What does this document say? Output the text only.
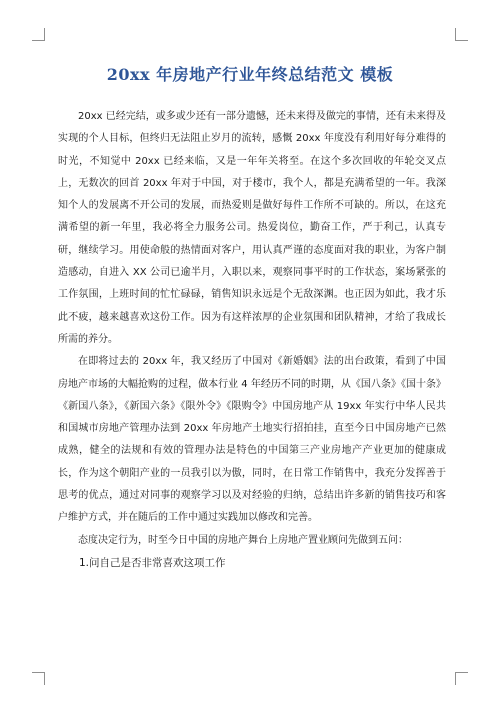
20xx 年房地产行业年终总结范文 模板

20xx 已经完结，或多或少还有一部分遗憾，还未来得及做完的事情，还有未来得及实现的个人目标，但终归无法阻止岁月的流转，感慨 20xx 年度没有利用好每分难得的时光，不知觉中 20xx 已经来临，又是一年年关将至。在这个多次回收的年轮交叉点上，无数次的回首 20xx 年对于中国，对于楼市，我个人，都是充满希望的一年。我深知个人的发展离不开公司的发展，而热爱则是做好每件工作所不可缺的。所以，在这充满希望的新一年里，我必将全力服务公司。热爱岗位，勤奋工作，严于利己，认真专研，继续学习。用使命般的热情面对客户，用认真严谨的态度面对我的职业，为客户制造感动，自进入 XX 公司已逾半月，入职以来，观察同事平时的工作状态，案场紧张的工作氛围，上班时间的忙忙碌碌，销售知识永远是个无敌深渊。也正因为如此，我才乐此不疲，越来越喜欢这份工作。因为有这样浓厚的企业氛围和团队精神，才给了我成长所需的养分。

在即将过去的 20xx 年，我又经历了中国对《新婚姻》法的出台政策，看到了中国房地产市场的大幅抢购的过程，做本行业 4 年经历不同的时期，从《国八条》《国十条》《新国八条》，《新国六条》《限外令》《限购令》中国房地产从 19xx 年实行中华人民共和国城市房地产管理办法到 20xx 年房地产土地实行招拍挂，直至今日中国房地产已然成熟，健全的法规和有效的管理办法是特色的中国第三产业房地产产业更加的健康成长，作为这个朝阳产业的一员我引以为傲，同时，在日常工作销售中，我充分发挥善于思考的优点，通过对同事的观察学习以及对经验的归纳，总结出许多新的销售技巧和客户维护方式，并在随后的工作中通过实践加以修改和完善。

态度决定行为，时至今日中国的房地产舞台上房地产置业顾问先做到五问：

1.问自己是否非常喜欢这项工作
